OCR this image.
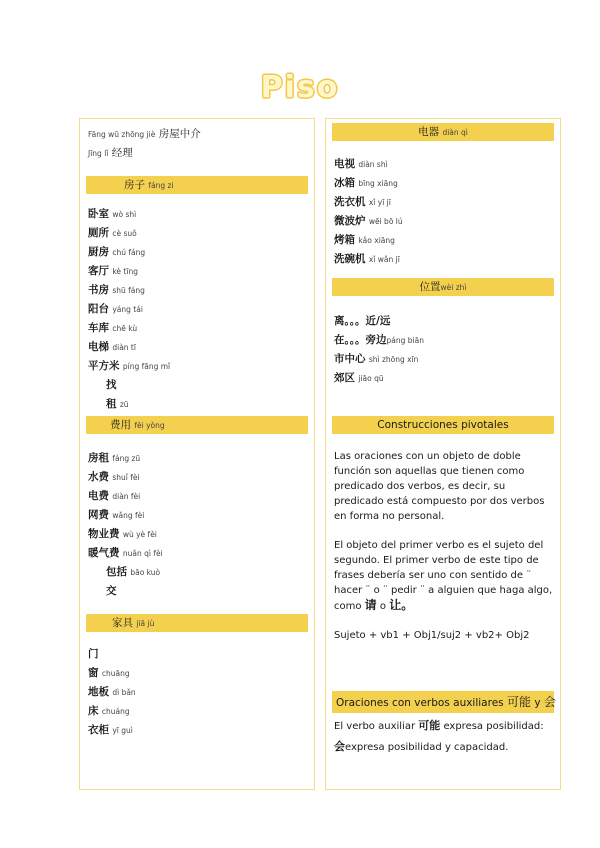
Piso
Fāng wū zhōng jiè 房屋中介
Jīng lǐ 经理
房子 fáng zi
卧室 wò shì
厕所 cè suǒ
厨房 chú fáng
客厅 kè tīng
书房 shū fáng
阳台 yáng tái
车库 chē kù
电梯 diàn tī
平方米 píng fāng mǐ
找
租 zū
费用 fèi yòng
房租 fáng zū
水费 shuǐ fèi
电费 diàn fèi
网费 wǎng fèi
物业费 wù yè fèi
暖气费 nuǎn qì fèi
包括 bāo kuò
交
家具 jiā jù
门
窗 chuāng
地板 dì bǎn
床 chuáng
衣柜 yī guì
电器 diàn qì
电视 diàn shì
冰箱 bīng xiāng
洗衣机 xǐ yī jī
微波炉 wēi bō lú
烤箱 kǎo xiāng
洗碗机 xǐ wǎn jī
位置wèi zhì
离。。。近/远
在。。。旁边páng biān
市中心 shì zhōng xīn
郊区 jiāo qū
Construcciones pivotales

Las oraciones con un objeto de doble función son aquellas que tienen como predicado dos verbos, es decir, su predicado está compuesto por dos verbos en forma no personal.

El objeto del primer verbo es el sujeto del segundo. El primer verbo de este tipo de frases debería ser uno con sentido de ¨ hacer ¨ o ¨ pedir ¨ a alguien que haga algo, como 请 o 让。

Sujeto + vb1 + Obj1/suj2 + vb2+ Obj2

Oraciones con verbos auxiliares 可能 y 会
El verbo auxiliar 可能 expresa posibilidad:
会expresa posibilidad y capacidad.
